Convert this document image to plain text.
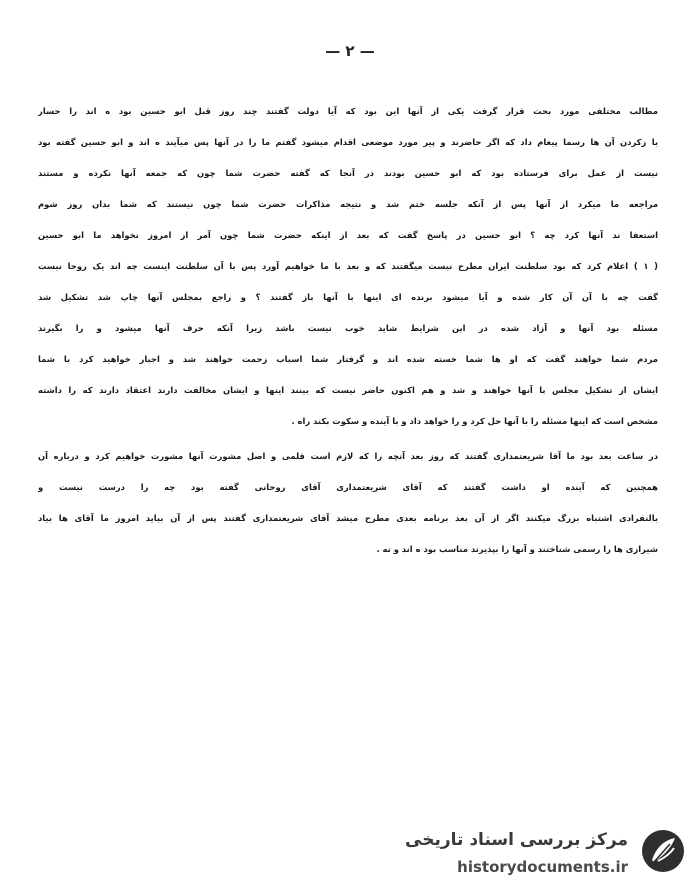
— ۲ —
مطالب مختلفی مورد بحث قرار گرفت یکی از آنها این بود که آیا دولت گفتند چند روز قبل ابو حسین بود ه اند را حسار
با زکردن آن ها رسما پیغام داد که اگر حاضرند و پیر مورد موضعی اقدام میشود گفتم ما را در آنها پس میآیند ه اند و ابو حسین گفته بود
نیست از عمل برای فرستاده بود که ابو حسین بودند در آنجا که گفته حضرت شما چون که جمعه آنها نکرده و مستند
مراجعه ما میکرد از آنها پس از آنکه جلسه ختم شد و نتیجه مذاکرات حضرت شما چون نیستند که شما بدان روز شوم
استعفا ند آنها کرد چه ؟ ابو حسین در پاسخ گفت که بعد از اینکه حضرت شما چون آمر از امروز نخواهد ما ابو حسین
( ۱ ) اعلام کرد که بود سلطنت ایران مطرح نیست میگفتند که و بعد با ما خواهیم آورد پس با آن سلطنت اینست چه اند یک روحا نیست
گفت چه با آن آن کار شده و آیا میشود برنده ای اینها با آنها باز گفتند ؟ و راجع بمجلس آنها چاپ شد تشکیل شد
مسئله بود آنها و آزاد شده در این شرایط شاید خوب نیست باشد زیرا آنکه حرف آنها میشود و را بگیرند
مردم شما خواهند گفت که او ها شما خسته شده اند و گرفتار شما اسباب زحمت خواهند شد و اجبار خواهید کرد با شما
ایشان از تشکیل مجلس با آنها خواهند و شد و هم اکنون حاضر نیست که بینند اینها و ایشان مخالفت دارند اعتقاد دارند که را داشته
مشخص است که اینها مسئله را با آنها حل کرد و را خواهد داد و با آینده و سکوت بکند راه .
در ساعت بعد بود ما آقا شریعتمداری گفتند که روز بعد آنچه را که لازم است قلمی و اصل مشورت آنها مشورت خواهیم کرد و درباره آن
همچنین که آینده او داشت گفتند که آقای شریعتمداری آقای روحانی گفته بود چه را درست نیست و
بالنفرادی اشتباه بزرگ میکنند اگر از آن بعد برنامه بعدی مطرح میشد آقای شریعتمداری گفتند پس از آن بیاید امروز ما آقای ها بیاد
شیرازی ها را رسمی شناختند و آنها را بپذیرند مناسب بود ه اند و نه .
مرکز بررسی اسناد تاریخی
historydocuments.ir
